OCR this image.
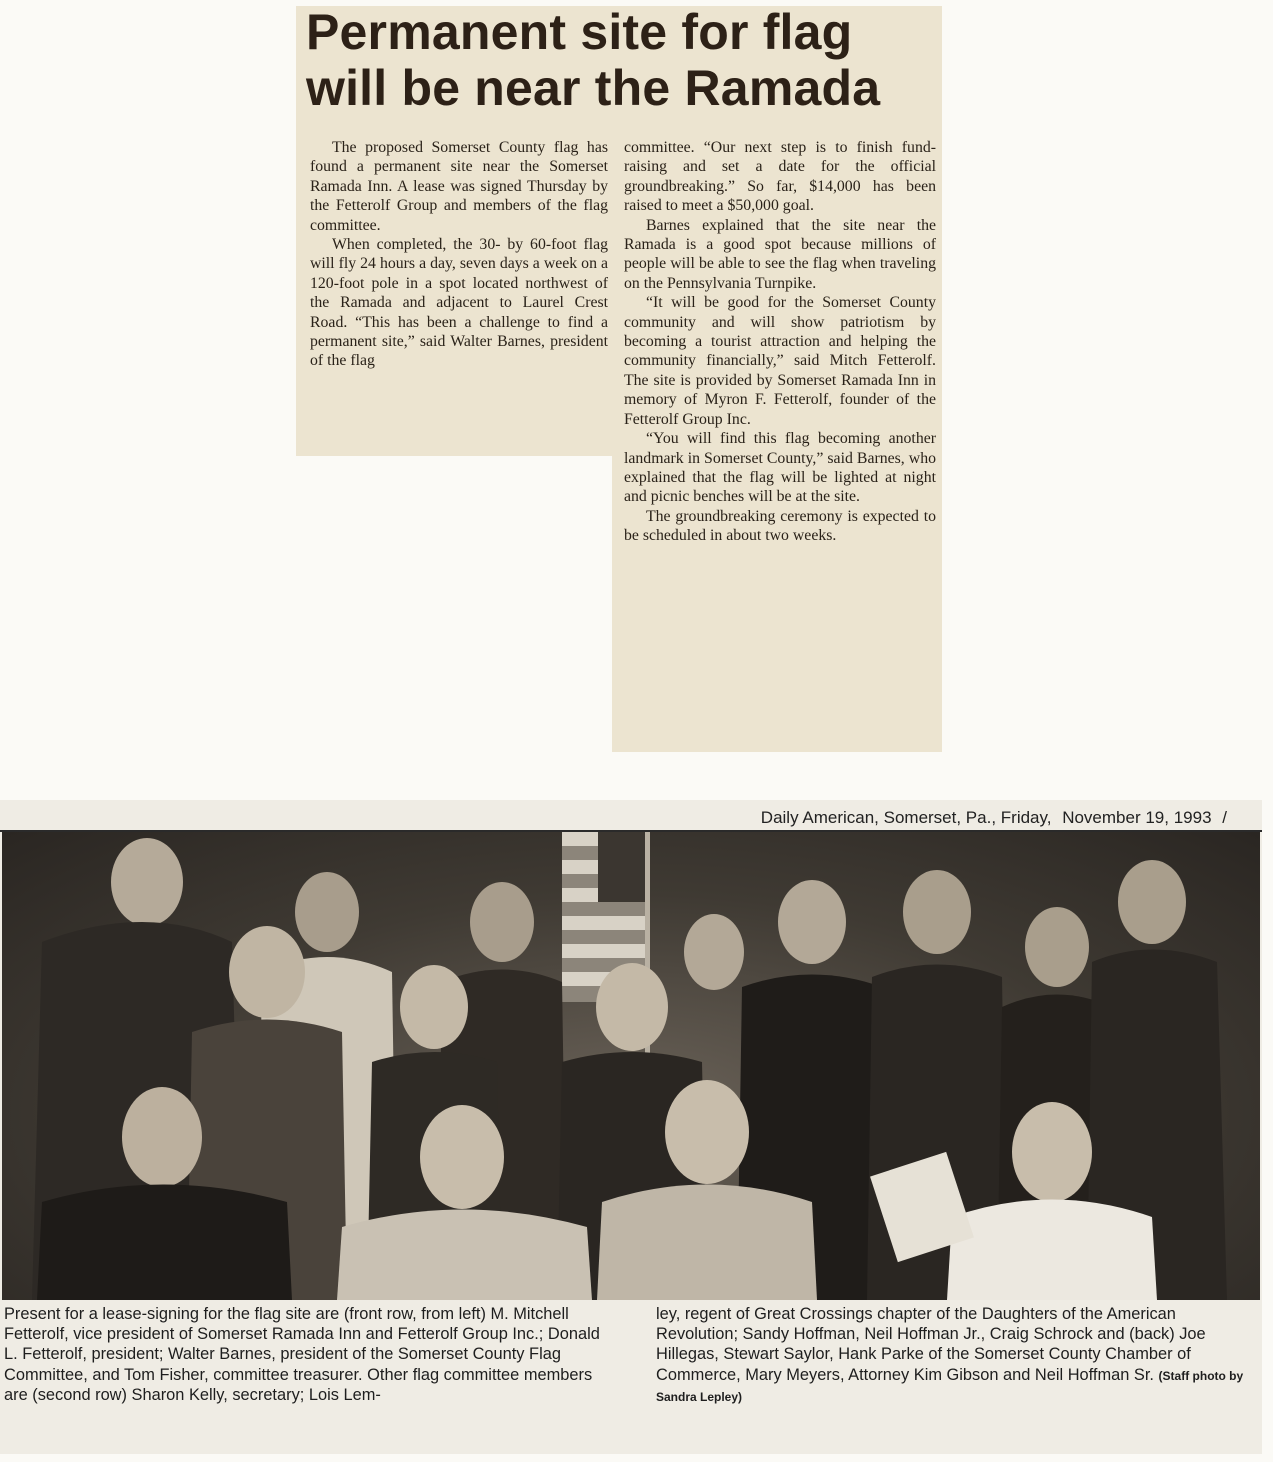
Permanent site for flag
will be near the Ramada

The proposed Somerset County flag has found a permanent site near the Somerset Ramada Inn. A lease was signed Thursday by the Fetterolf Group and members of the flag committee.

When completed, the 30- by 60-foot flag will fly 24 hours a day, seven days a week on a 120-foot pole in a spot located northwest of the Ramada and adjacent to Laurel Crest Road. “This has been a challenge to find a permanent site,” said Walter Barnes, president of the flag

committee. “Our next step is to finish fund-raising and set a date for the official groundbreaking.” So far, $14,000 has been raised to meet a $50,000 goal.

Barnes explained that the site near the Ramada is a good spot because millions of people will be able to see the flag when traveling on the Pennsylvania Turnpike.

“It will be good for the Somerset County community and will show patriotism by becoming a tourist attraction and helping the community financially,” said Mitch Fetterolf. The site is provided by Somerset Ramada Inn in memory of Myron F. Fetterolf, founder of the Fetterolf Group Inc.

“You will find this flag becoming another landmark in Somerset County,” said Barnes, who explained that the flag will be lighted at night and picnic benches will be at the site.

The groundbreaking ceremony is expected to be scheduled in about two weeks.

Daily American, Somerset, Pa., Friday, November 19, 1993 /

Present for a lease-signing for the flag site are (front row, from left) M. Mitchell Fetterolf, vice president of Somerset Ramada Inn and Fetterolf Group Inc.; Donald L. Fetterolf, president; Walter Barnes, president of the Somerset County Flag Committee, and Tom Fisher, committee treasurer. Other flag committee members are (second row) Sharon Kelly, secretary; Lois Lem-

ley, regent of Great Crossings chapter of the Daughters of the American Revolution; Sandy Hoffman, Neil Hoffman Jr., Craig Schrock and (back) Joe Hillegas, Stewart Saylor, Hank Parke of the Somerset County Chamber of Commerce, Mary Meyers, Attorney Kim Gibson and Neil Hoffman Sr. (Staff photo by Sandra Lepley)
